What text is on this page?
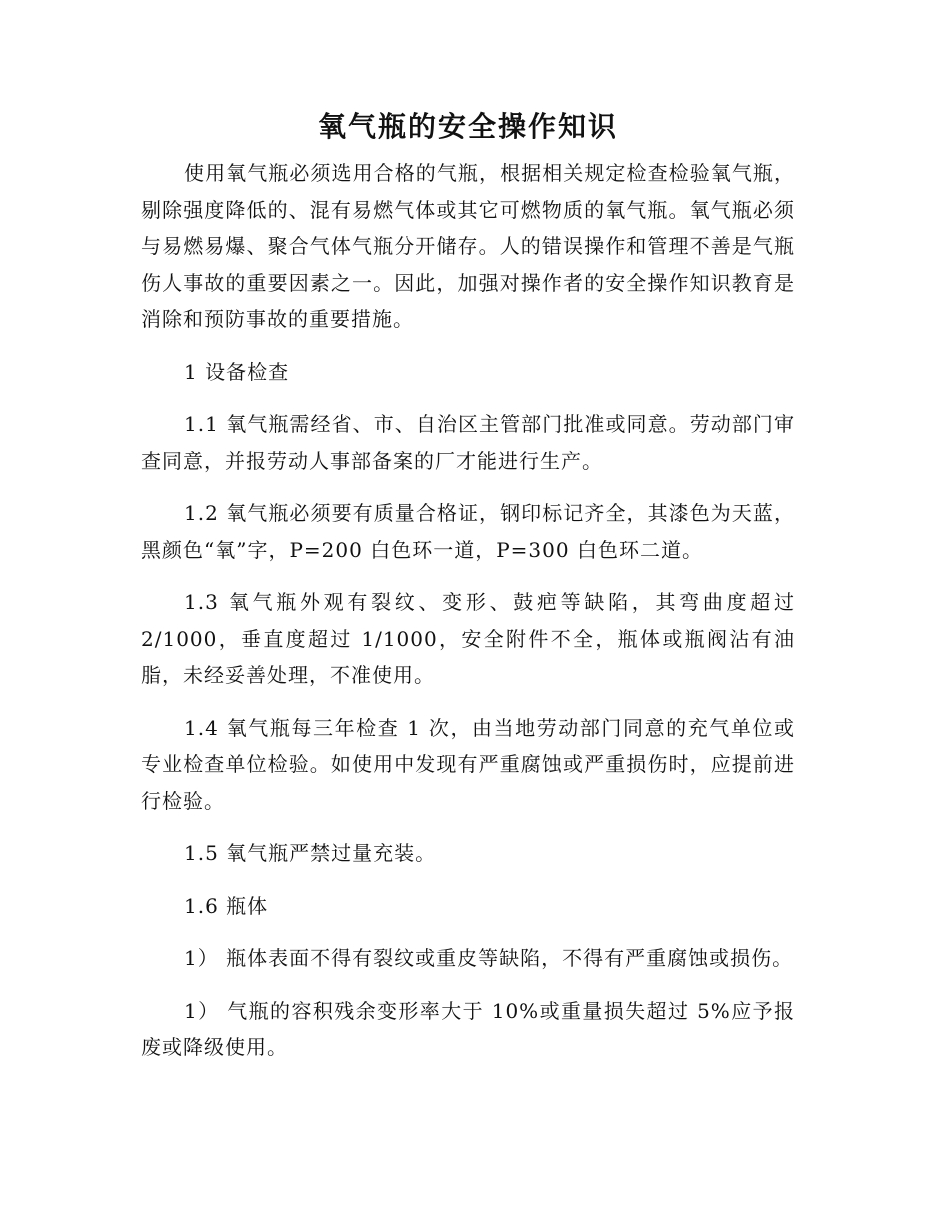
氧气瓶的安全操作知识

使用氧气瓶必须选用合格的气瓶，根据相关规定检查检验氧气瓶，剔除强度降低的、混有易燃气体或其它可燃物质的氧气瓶。氧气瓶必须与易燃易爆、聚合气体气瓶分开储存。人的错误操作和管理不善是气瓶伤人事故的重要因素之一。因此，加强对操作者的安全操作知识教育是消除和预防事故的重要措施。

1 设备检查

1.1 氧气瓶需经省、市、自治区主管部门批准或同意。劳动部门审查同意，并报劳动人事部备案的厂才能进行生产。

1.2 氧气瓶必须要有质量合格证，钢印标记齐全，其漆色为天蓝，黑颜色“氧”字，P=200 白色环一道，P=300 白色环二道。

1.3 氧气瓶外观有裂纹、变形、鼓疤等缺陷，其弯曲度超过2/1000，垂直度超过 1/1000，安全附件不全，瓶体或瓶阀沾有油脂，未经妥善处理，不准使用。

1.4 氧气瓶每三年检查 1 次，由当地劳动部门同意的充气单位或专业检查单位检验。如使用中发现有严重腐蚀或严重损伤时，应提前进行检验。

1.5 氧气瓶严禁过量充装。

1.6 瓶体

1） 瓶体表面不得有裂纹或重皮等缺陷，不得有严重腐蚀或损伤。

1） 气瓶的容积残余变形率大于 10%或重量损失超过 5%应予报废或降级使用。
